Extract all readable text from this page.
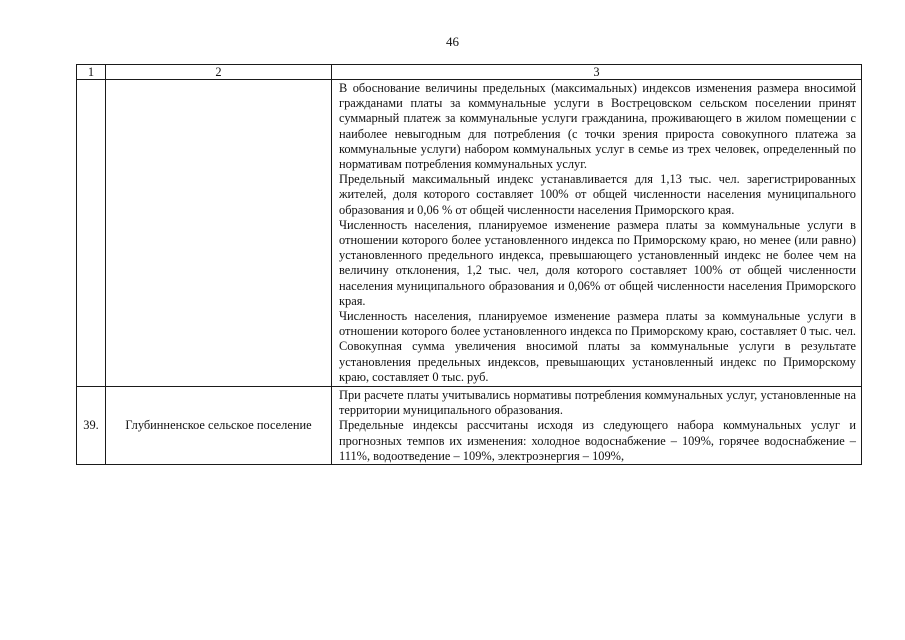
46
1	2	3

		В обоснование величины предельных (максимальных) индексов изменения размера вносимой гражданами платы за коммунальные услуги в Вострецовском сельском поселении принят суммарный платеж за коммунальные услуги гражданина, проживающего в жилом помещении с наиболее невыгодным для потребления (с точки зрения прироста совокупного платежа за коммунальные услуги) набором коммунальных услуг в семье из трех человек, определенный по нормативам потребления коммунальных услуг.

Предельный максимальный индекс устанавливается для 1,13 тыс. чел. зарегистрированных жителей, доля которого составляет 100% от общей численности населения муниципального образования и 0,06 % от общей численности населения Приморского края.

Численность населения, планируемое изменение размера платы за коммунальные услуги в отношении которого более установленного индекса по Приморскому краю, но менее (или равно) установленного предельного индекса, превышающего установленный индекс не более чем на величину отклонения, 1,2 тыс. чел, доля которого составляет 100% от общей численности населения муниципального образования и 0,06% от общей численности населения Приморского края.

Численность населения, планируемое изменение размера платы за коммунальные услуги в отношении которого более установленного индекса по Приморскому краю, составляет 0 тыс. чел. Совокупная сумма увеличения вносимой платы за коммунальные услуги в результате установления предельных индексов, превышающих установленный индекс по Приморскому краю, составляет 0 тыс. руб.

39.	Глубинненское сельское поселение	При расчете платы учитывались нормативы потребления коммунальных услуг, установленные на территории муниципального образования.

Предельные индексы рассчитаны исходя из следующего набора коммунальных услуг и прогнозных темпов их изменения: холодное водоснабжение – 109%, горячее водоснабжение – 111%, водоотведение – 109%, электроэнергия – 109%,
